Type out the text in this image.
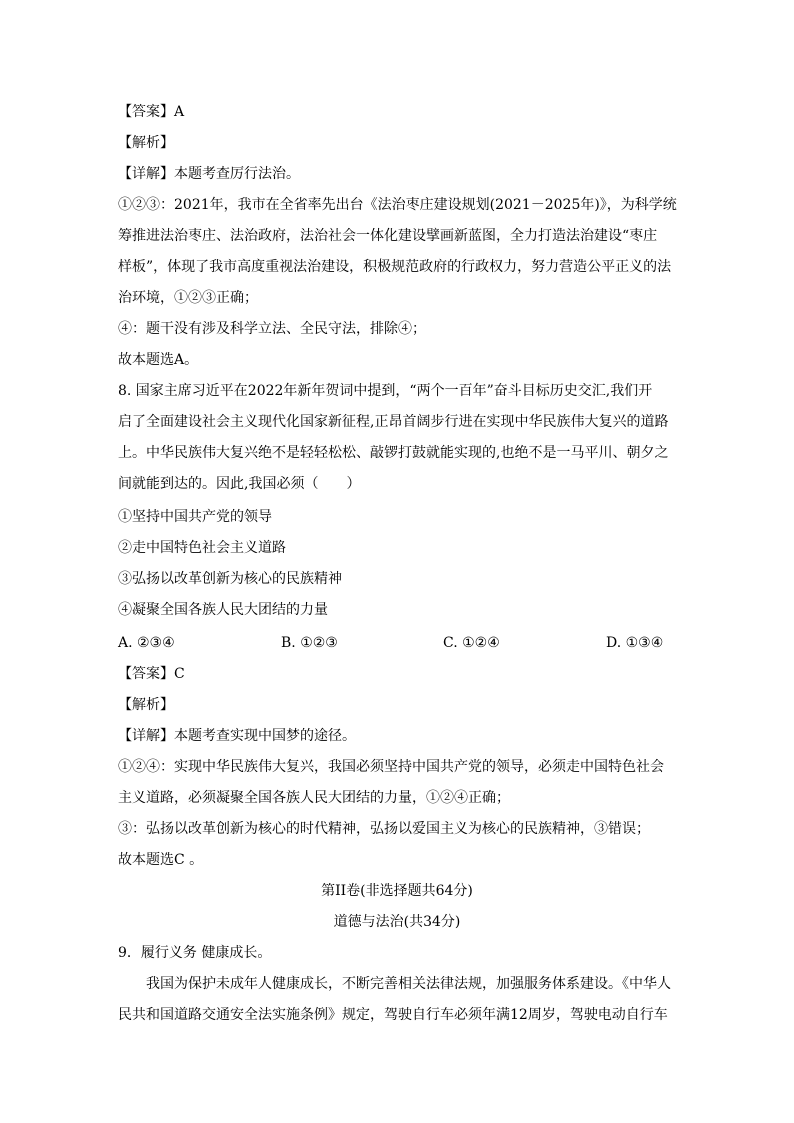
【答案】A
【解析】
【详解】本题考查厉行法治。
①②③：2021年，我市在全省率先出台《法治枣庄建设规划(2021－2025年)》，为科学统
筹推进法治枣庄、法治政府，法治社会一体化建设擘画新蓝图，全力打造法治建设“枣庄
样板”，体现了我市高度重视法治建设，积极规范政府的行政权力，努力营造公平正义的法
治环境，①②③正确；
④：题干没有涉及科学立法、全民守法，排除④；
故本题选A。
8. 国家主席习近平在2022年新年贺词中提到，“两个一百年”奋斗目标历史交汇,我们开
启了全面建设社会主义现代化国家新征程,正昂首阔步行进在实现中华民族伟大复兴的道路
上。中华民族伟大复兴绝不是轻轻松松、敲锣打鼓就能实现的,也绝不是一马平川、朝夕之
间就能到达的。因此,我国必须（　　）
①坚持中国共产党的领导
②走中国特色社会主义道路
③弘扬以改革创新为核心的民族精神
④凝聚全国各族人民大团结的力量
A. ②③④	B. ①②③	C. ①②④	D. ①③④
【答案】C
【解析】
【详解】本题考查实现中国梦的途径。
①②④：实现中华民族伟大复兴，我国必须坚持中国共产党的领导，必须走中国特色社会
主义道路，必须凝聚全国各族人民大团结的力量，①②④正确；
③：弘扬以改革创新为核心的时代精神，弘扬以爱国主义为核心的民族精神，③错误；
故本题选C 。
第II卷(非选择题共64分)
道德与法治(共34分)
9．履行义务 健康成长。
我国为保护未成年人健康成长，不断完善相关法律法规，加强服务体系建设。《中华人
民共和国道路交通安全法实施条例》规定，驾驶自行车必须年满12周岁，驾驶电动自行车
